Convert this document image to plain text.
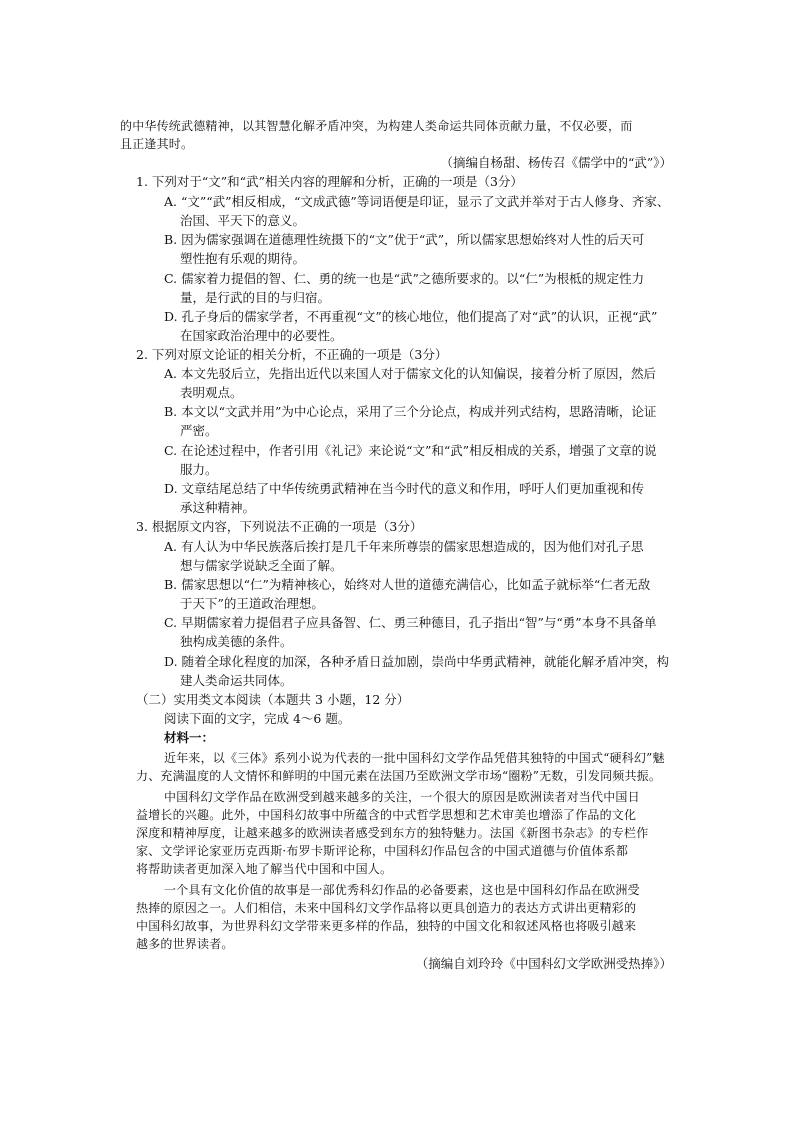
的中华传统武德精神，以其智慧化解矛盾冲突，为构建人类命运共同体贡献力量，不仅必要，而
且正逢其时。
（摘编自杨甜、杨传召《儒学中的“武”》）
1. 下列对于“文”和“武”相关内容的理解和分析，正确的一项是（3分）
A. “文”“武”相反相成，“文成武德”等词语便是印证，显示了文武并举对于古人修身、齐家、
治国、平天下的意义。
B. 因为儒家强调在道德理性统摄下的“文”优于“武”，所以儒家思想始终对人性的后天可
塑性抱有乐观的期待。
C. 儒家着力提倡的智、仁、勇的统一也是“武”之德所要求的。以“仁”为根柢的规定性力
量，是行武的目的与归宿。
D. 孔子身后的儒家学者，不再重视“文”的核心地位，他们提高了对“武”的认识，正视“武”
在国家政治治理中的必要性。
2. 下列对原文论证的相关分析，不正确的一项是（3分）
A. 本文先驳后立，先指出近代以来国人对于儒家文化的认知偏误，接着分析了原因，然后
表明观点。
B. 本文以“文武并用”为中心论点，采用了三个分论点，构成并列式结构，思路清晰，论证
严密。
C. 在论述过程中，作者引用《礼记》来论说“文”和“武”相反相成的关系，增强了文章的说
服力。
D. 文章结尾总结了中华传统勇武精神在当今时代的意义和作用，呼吁人们更加重视和传
承这种精神。
3. 根据原文内容，下列说法不正确的一项是（3分）
A. 有人认为中华民族落后挨打是几千年来所尊崇的儒家思想造成的，因为他们对孔子思
想与儒家学说缺乏全面了解。
B. 儒家思想以“仁”为精神核心，始终对人世的道德充满信心，比如孟子就标举“仁者无敌
于天下”的王道政治理想。
C. 早期儒家着力提倡君子应具备智、仁、勇三种德目，孔子指出“智”与“勇”本身不具备单
独构成美德的条件。
D. 随着全球化程度的加深，各种矛盾日益加剧，崇尚中华勇武精神，就能化解矛盾冲突，构
建人类命运共同体。
（二）实用类文本阅读（本题共 3 小题，12 分）
阅读下面的文字，完成 4～6 题。
材料一：
近年来，以《三体》系列小说为代表的一批中国科幻文学作品凭借其独特的中国式“硬科幻”魅
力、充满温度的人文情怀和鲜明的中国元素在法国乃至欧洲文学市场“圈粉”无数，引发同频共振。
中国科幻文学作品在欧洲受到越来越多的关注，一个很大的原因是欧洲读者对当代中国日
益增长的兴趣。此外，中国科幻故事中所蕴含的中式哲学思想和艺术审美也增添了作品的文化
深度和精神厚度，让越来越多的欧洲读者感受到东方的独特魅力。法国《新图书杂志》的专栏作
家、文学评论家亚历克西斯·布罗卡斯评论称，中国科幻作品包含的中国式道德与价值体系都
将帮助读者更加深入地了解当代中国和中国人。
一个具有文化价值的故事是一部优秀科幻作品的必备要素，这也是中国科幻作品在欧洲受
热捧的原因之一。人们相信，未来中国科幻文学作品将以更具创造力的表达方式讲出更精彩的
中国科幻故事，为世界科幻文学带来更多样的作品，独特的中国文化和叙述风格也将吸引越来
越多的世界读者。
（摘编自刘玲玲《中国科幻文学欧洲受热捧》）
